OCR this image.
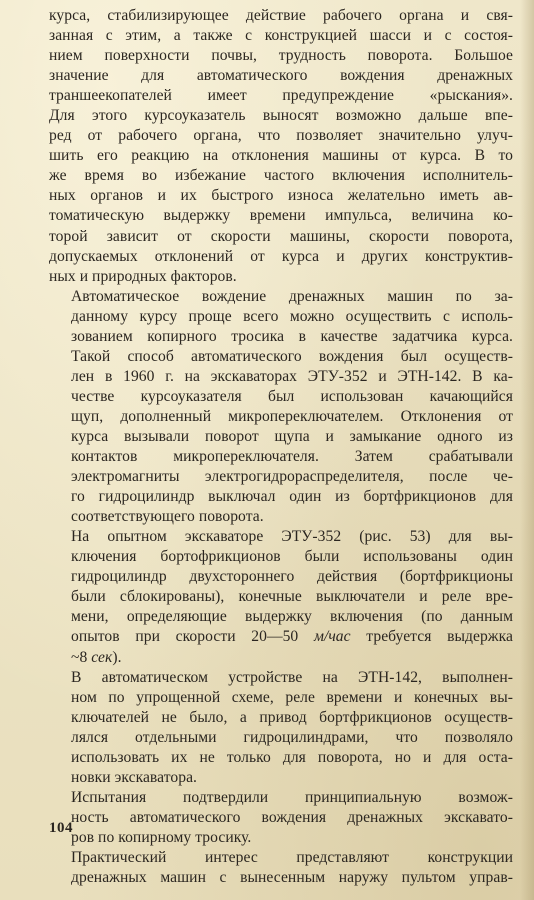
курса, стабилизирующее действие рабочего органа и свя-
занная с этим, а также с конструкцией шасси и с состоя-
нием поверхности почвы, трудность поворота. Большое
значение для автоматического вождения дренажных
траншеекопателей имеет предупреждение «рыскания».
Для этого курсоуказатель выносят возможно дальше впе-
ред от рабочего органа, что позволяет значительно улуч-
шить его реакцию на отклонения машины от курса. В то
же время во избежание частого включения исполнитель-
ных органов и их быстрого износа желательно иметь ав-
томатическую выдержку времени импульса, величина ко-
торой зависит от скорости машины, скорости поворота,
допускаемых отклонений от курса и других конструктив-
ных и природных факторов.

Автоматическое вождение дренажных машин по за-
данному курсу проще всего можно осуществить с исполь-
зованием копирного тросика в качестве задатчика курса.
Такой способ автоматического вождения был осуществ-
лен в 1960 г. на экскаваторах ЭТУ-352 и ЭТН-142. В ка-
честве курсоуказателя был использован качающийся
щуп, дополненный микропереключателем. Отклонения от
курса вызывали поворот щупа и замыкание одного из
контактов микропереключателя. Затем срабатывали
электромагниты электрогидрораспределителя, после че-
го гидроцилиндр выключал один из бортфрикционов для
соответствующего поворота.

На опытном экскаваторе ЭТУ-352 (рис. 53) для вы-
ключения бортофрикционов были использованы один
гидроцилиндр двухстороннего действия (бортфрикционы
были сблокированы), конечные выключатели и реле вре-
мени, определяющие выдержку включения (по данным
опытов при скорости 20—50 м/час требуется выдержка
~8 сек).

В автоматическом устройстве на ЭТН-142, выполнен-
ном по упрощенной схеме, реле времени и конечных вы-
ключателей не было, а привод бортфрикционов осуществ-
лялся отдельными гидроцилиндрами, что позволяло
использовать их не только для поворота, но и для оста-
новки экскаватора.

Испытания подтвердили принципиальную возмож-
ность автоматического вождения дренажных экскавато-
ров по копирному тросику.

Практический интерес представляют конструкции
дренажных машин с вынесенным наружу пультом управ-

104
